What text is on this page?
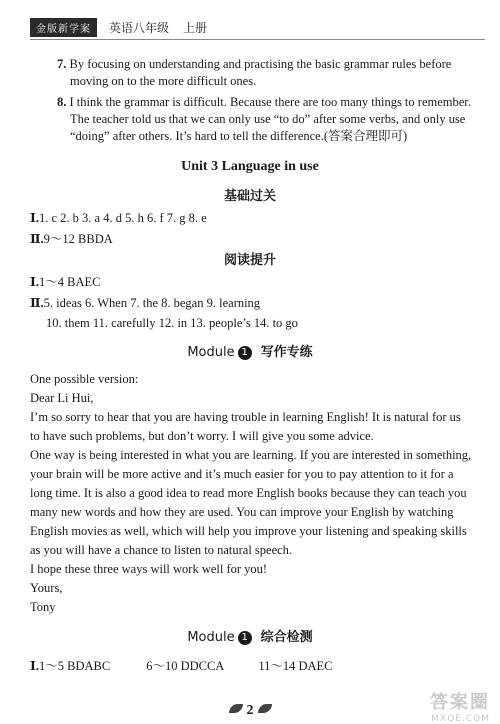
金版新学案	英语八年级 上册
7. By focusing on understanding and practising the basic grammar rules before
moving on to the more difficult ones.
8. I think the grammar is difficult. Because there are too many things to remember.
The teacher told us that we can only use “to do” after some verbs, and only use
“doing” after others. It’s hard to tell the difference.(答案合理即可)
Unit 3 Language in use
基础过关
Ⅰ.1. c 2. b 3. a 4. d 5. h 6. f 7. g 8. e
Ⅱ.9～12 BBDA
阅读提升
Ⅰ.1～4 BAEC
Ⅱ.5. ideas 6. When 7. the 8. began 9. learning
10. them 11. carefully 12. in 13. people’s 14. to go
Module 1 写作专练
One possible version:
Dear Li Hui,
I’m so sorry to hear that you are having trouble in learning English! It is natural for us
to have such problems, but don’t worry. I will give you some advice.
One way is being interested in what you are learning. If you are interested in something,
your brain will be more active and it’s much easier for you to pay attention to it for a
long time. It is also a good idea to read more English books because they can teach you
many new words and how they are used. You can improve your English by watching
English movies as well, which will help you improve your listening and speaking skills
as you will have a chance to listen to natural speech.
I hope these three ways will work well for you!
Yours,
Tony
Module 1 综合检测
Ⅰ.1～5 BDABC	6～10 DDCCA	11～14 DAEC
2	答案圈
MXQE.COM
